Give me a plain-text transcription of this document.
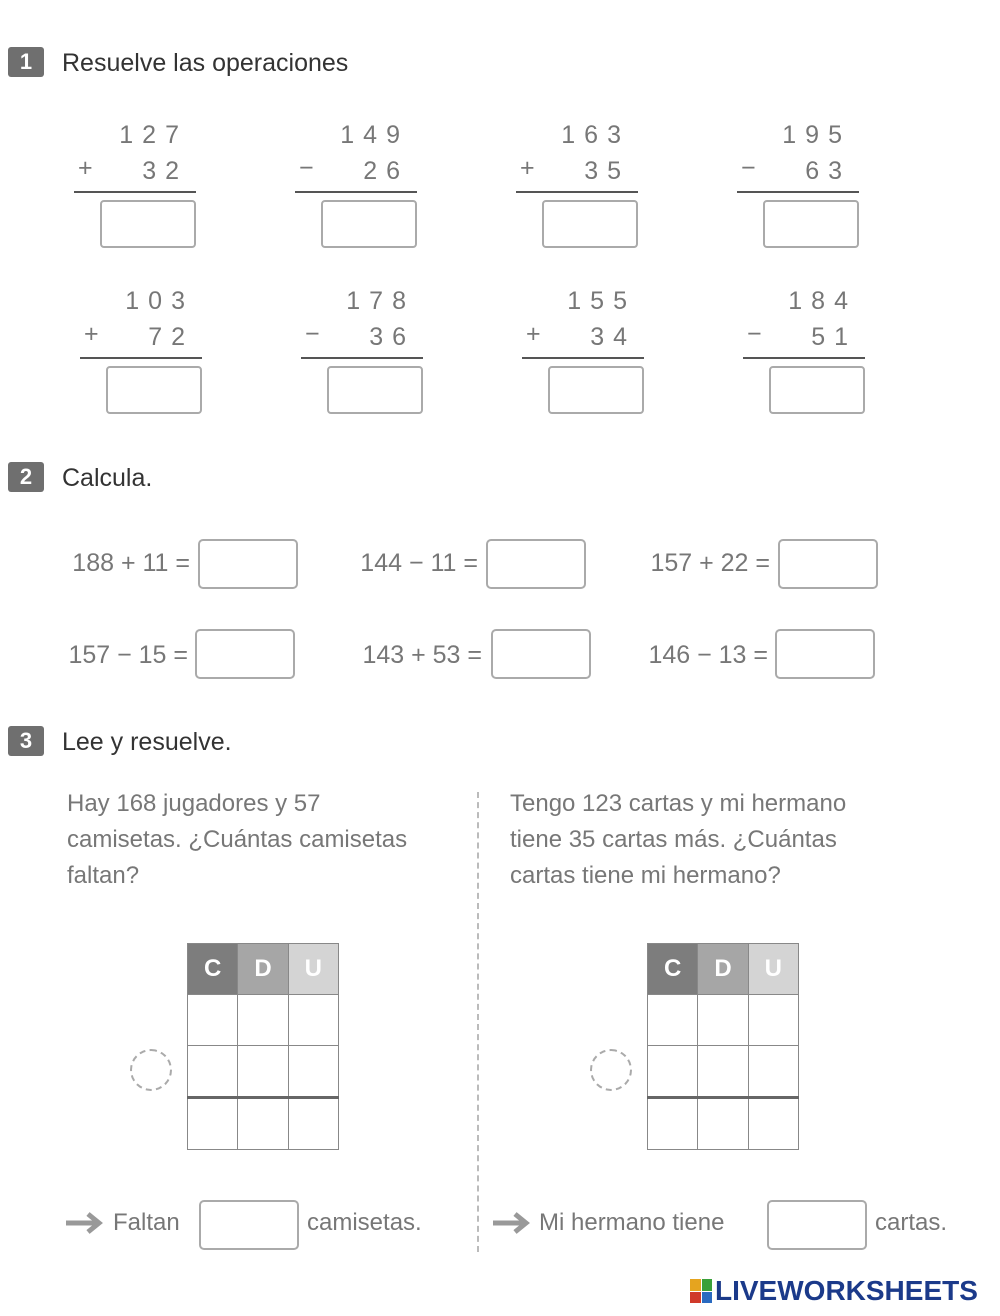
1	Resuelve las operaciones
127
+ 32
149
− 26
163
+ 35
195
− 63
103
+ 72
178
− 36
155
+ 34
184
− 51
2	Calcula.
188 + 11 =	144 − 11 =	157 + 22 =
157 − 15 =	143 + 53 =	146 − 13 =
3	Lee y resuelve.
Hay 168 jugadores y 57
camisetas. ¿Cuántas camisetas
faltan?
Tengo 123 cartas y mi hermano
tiene 35 cartas más. ¿Cuántas
cartas tiene mi hermano?
C	D	U

			C	D	U

Faltan	camisetas.	Mi hermano tiene	cartas.
LIVEWORKSHEETS
